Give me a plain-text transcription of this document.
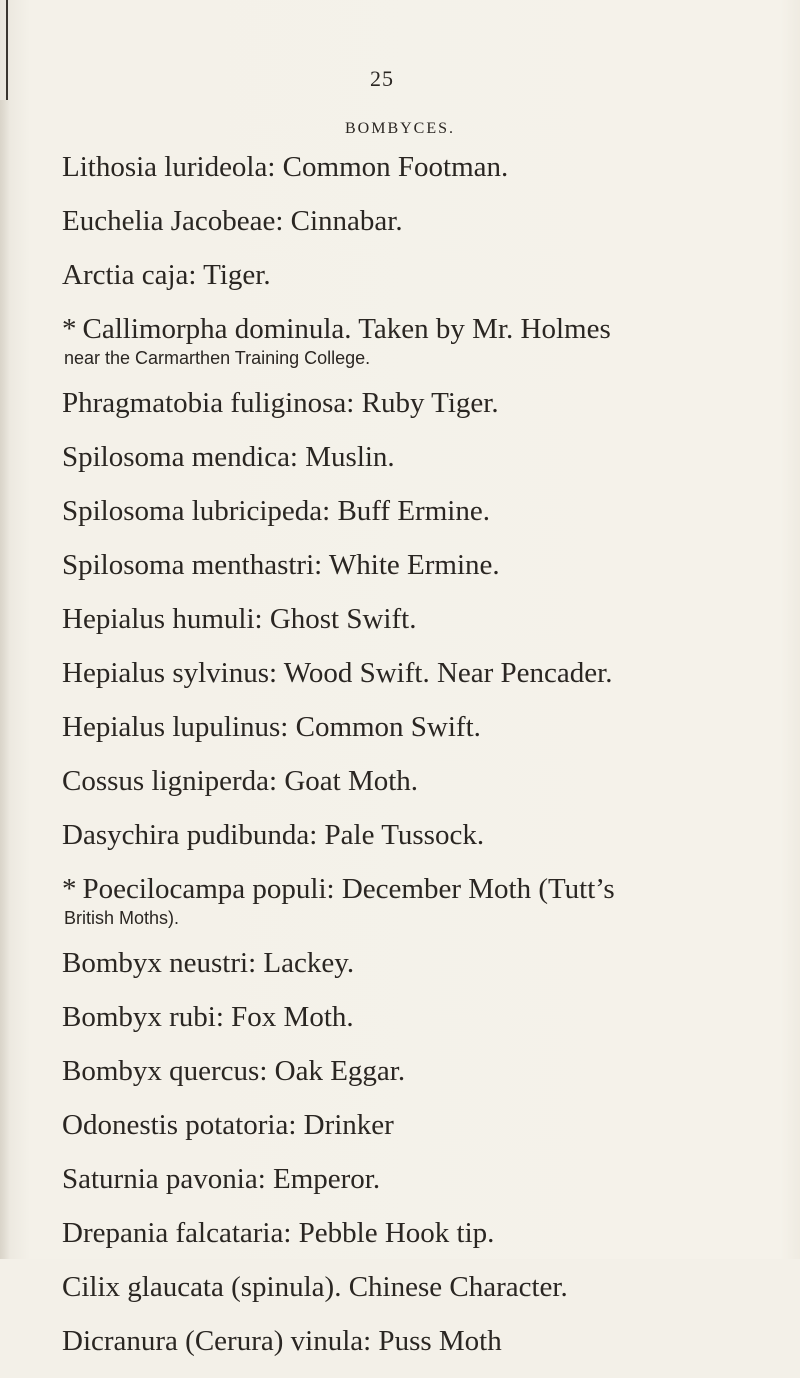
25
BOMBYCES.
Lithosia lurideola: Common Footman.
Euchelia Jacobeae: Cinnabar.
Arctia caja: Tiger.
* Callimorpha dominula. Taken by Mr. Holmes
near the Carmarthen Training College.
Phragmatobia fuliginosa: Ruby Tiger.
Spilosoma mendica: Muslin.
Spilosoma lubricipeda: Buff Ermine.
Spilosoma menthastri: White Ermine.
Hepialus humuli: Ghost Swift.
Hepialus sylvinus: Wood Swift. Near Pencader.
Hepialus lupulinus: Common Swift.
Cossus ligniperda: Goat Moth.
Dasychira pudibunda: Pale Tussock.
* Poecilocampa populi: December Moth (Tutt’s
British Moths).
Bombyx neustri: Lackey.
Bombyx rubi: Fox Moth.
Bombyx quercus: Oak Eggar.
Odonestis potatoria: Drinker
Saturnia pavonia: Emperor.
Drepania falcataria: Pebble Hook tip.
Cilix glaucata (spinula). Chinese Character.
Dicranura (Cerura) vinula: Puss Moth
